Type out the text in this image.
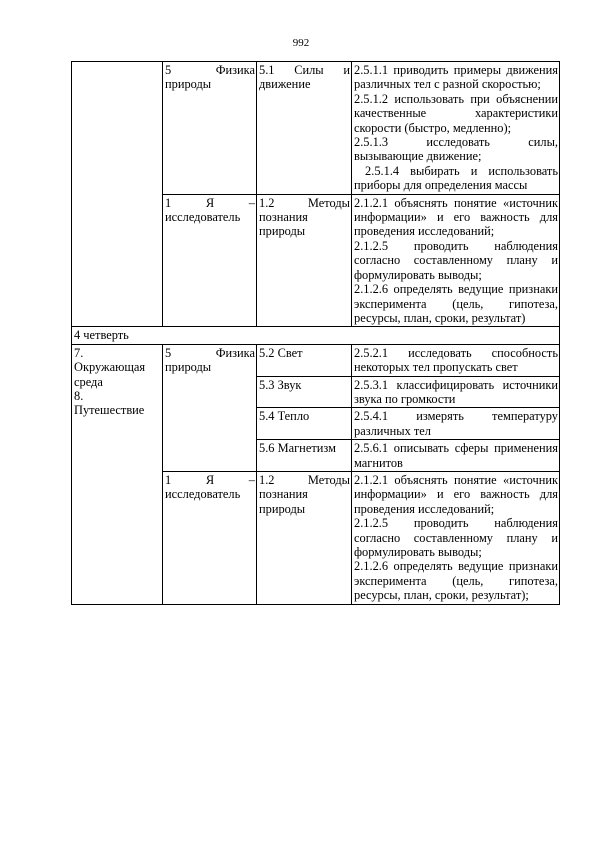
992
	5 Физика природы	5.1 Силы и движение	2.5.1.1 приводить примеры движения различных тел с разной скоростью;
2.5.1.2 использовать при объяснении качественные характеристики скорости (быстро, медленно);
2.5.1.3 исследовать силы, вызывающие движение;
2.5.1.4 выбирать и использовать приборы для определения массы

	1 Я – исследователь	1.2 Методы познания природы	2.1.2.1 объяснять понятие «источник информации» и его важность для проведения исследований;
2.1.2.5 проводить наблюдения согласно составленному плану и формулировать выводы;
2.1.2.6 определять ведущие признаки эксперимента (цель, гипотеза, ресурсы, план, сроки, результат)

4 четверть			

7.
Окружающая среда
8.
Путешествие	5 Физика природы	5.2 Свет	2.5.2.1 исследовать способность некоторых тел пропускать свет
		5.3 Звук	2.5.3.1 классифицировать источники звука по громкости
		5.4 Тепло	2.5.4.1 измерять температуру различных тел
		5.6 Магнетизм	2.5.6.1 описывать сферы применения магнитов
	1 Я – исследователь	1.2 Методы познания природы	2.1.2.1 объяснять понятие «источник информации» и его важность для проведения исследований;
2.1.2.5 проводить наблюдения согласно составленному плану и формулировать выводы;
2.1.2.6 определять ведущие признаки эксперимента (цель, гипотеза, ресурсы, план, сроки, результат);
